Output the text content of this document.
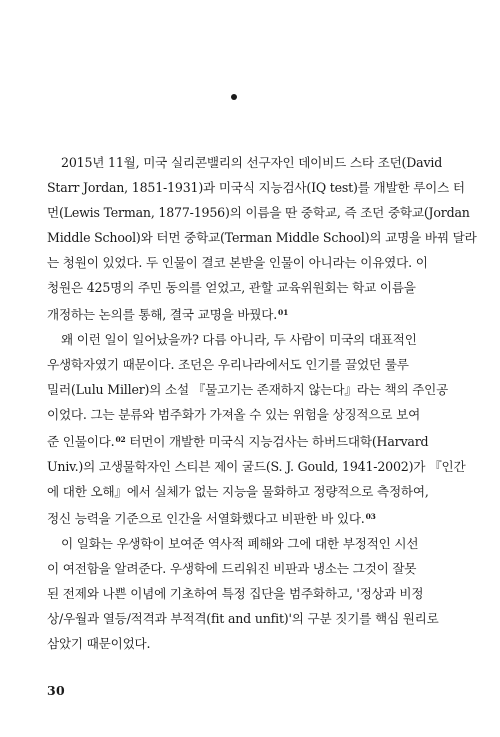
2015년 11월, 미국 실리콘밸리의 선구자인 데이비드 스타 조던(David
Starr Jordan, 1851-1931)과 미국식 지능검사(IQ test)를 개발한 루이스 터
먼(Lewis Terman, 1877-1956)의 이름을 딴 중학교, 즉 조던 중학교(Jordan
Middle School)와 터먼 중학교(Terman Middle School)의 교명을 바꿔 달라
는 청원이 있었다. 두 인물이 결코 본받을 인물이 아니라는 이유였다. 이
청원은 425명의 주민 동의를 얻었고, 관할 교육위원회는 학교 이름을
개정하는 논의를 통해, 결국 교명을 바꿨다.$^{01}$
왜 이런 일이 일어났을까? 다름 아니라, 두 사람이 미국의 대표적인
우생학자였기 때문이다. 조던은 우리나라에서도 인기를 끌었던 룰루
밀러(Lulu Miller)의 소설 『물고기는 존재하지 않는다』라는 책의 주인공
이었다. 그는 분류와 범주화가 가져올 수 있는 위험을 상징적으로 보여
준 인물이다.$^{02}$ 터먼이 개발한 미국식 지능검사는 하버드대학(Harvard
Univ.)의 고생물학자인 스티븐 제이 굴드(S. J. Gould, 1941-2002)가 『인간
에 대한 오해』에서 실체가 없는 지능을 물화하고 정량적으로 측정하여,
정신 능력을 기준으로 인간을 서열화했다고 비판한 바 있다.$^{03}$
이 일화는 우생학이 보여준 역사적 폐해와 그에 대한 부정적인 시선
이 여전함을 알려준다. 우생학에 드리워진 비판과 냉소는 그것이 잘못
된 전제와 나쁜 이념에 기초하여 특정 집단을 범주화하고, '정상과 비정
상/우월과 열등/적격과 부적격(fit and unfit)'의 구분 짓기를 핵심 원리로
삼았기 때문이었다.
30
